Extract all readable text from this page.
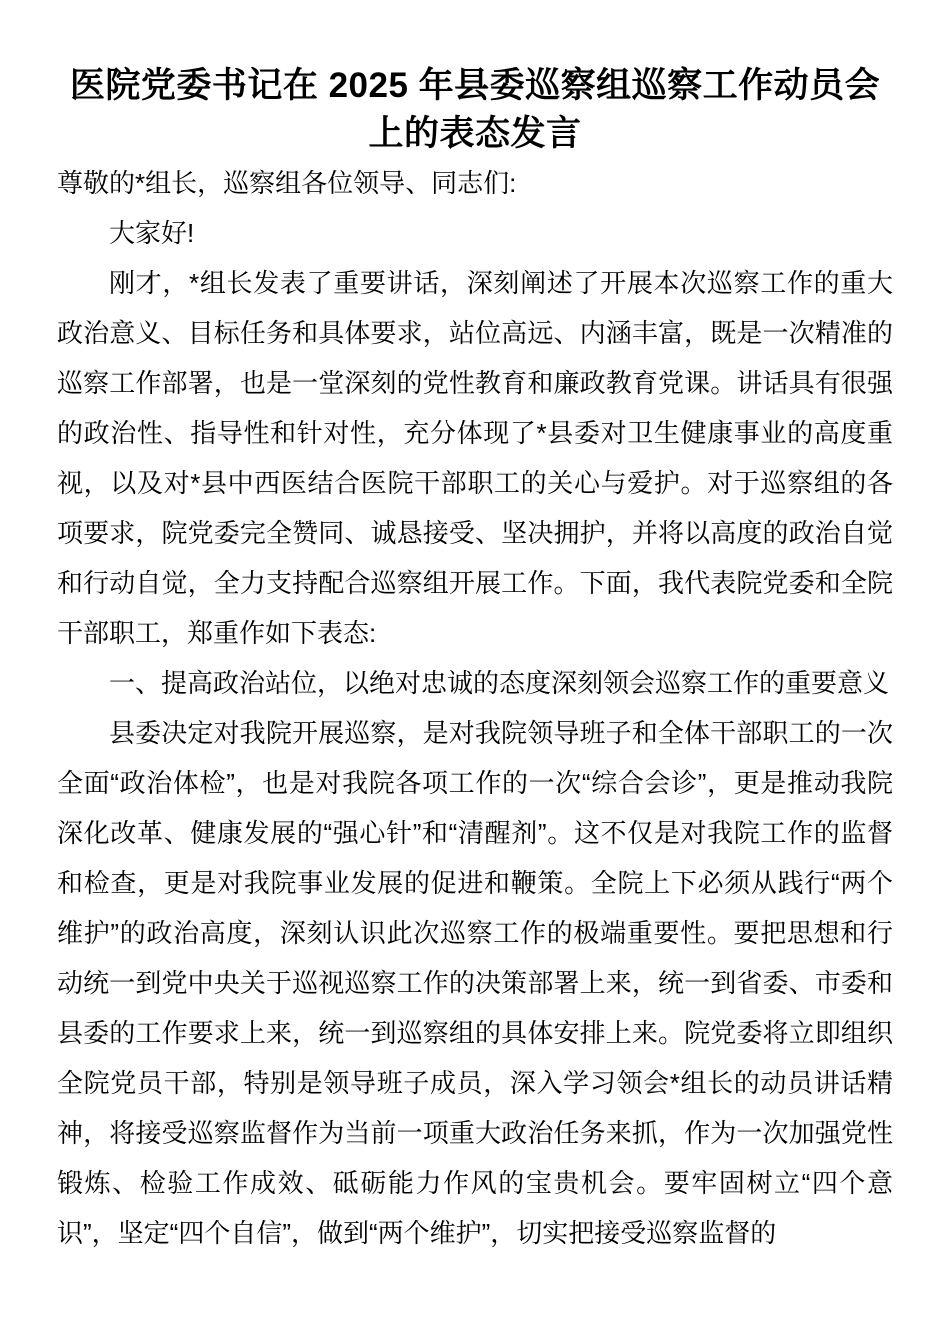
医院党委书记在 2025 年县委巡察组巡察工作动员会
上的表态发言

尊敬的*组长，巡察组各位领导、同志们:

大家好!

刚才，*组长发表了重要讲话，深刻阐述了开展本次巡察工作的重大政治意义、目标任务和具体要求，站位高远、内涵丰富，既是一次精准的巡察工作部署，也是一堂深刻的党性教育和廉政教育党课。讲话具有很强的政治性、指导性和针对性，充分体现了*县委对卫生健康事业的高度重视，以及对*县中西医结合医院干部职工的关心与爱护。对于巡察组的各项要求，院党委完全赞同、诚恳接受、坚决拥护，并将以高度的政治自觉和行动自觉，全力支持配合巡察组开展工作。下面，我代表院党委和全院干部职工，郑重作如下表态:

一、提高政治站位，以绝对忠诚的态度深刻领会巡察工作的重要意义

县委决定对我院开展巡察，是对我院领导班子和全体干部职工的一次全面“政治体检”，也是对我院各项工作的一次“综合会诊”，更是推动我院深化改革、健康发展的“强心针”和“清醒剂”。这不仅是对我院工作的监督和检查，更是对我院事业发展的促进和鞭策。全院上下必须从践行“两个维护”的政治高度，深刻认识此次巡察工作的极端重要性。要把思想和行动统一到党中央关于巡视巡察工作的决策部署上来，统一到省委、市委和县委的工作要求上来，统一到巡察组的具体安排上来。院党委将立即组织全院党员干部，特别是领导班子成员，深入学习领会*组长的动员讲话精神，将接受巡察监督作为当前一项重大政治任务来抓，作为一次加强党性锻炼、检验工作成效、砥砺能力作风的宝贵机会。要牢固树立“四个意识”，坚定“四个自信”，做到“两个维护”，切实把接受巡察监督的
